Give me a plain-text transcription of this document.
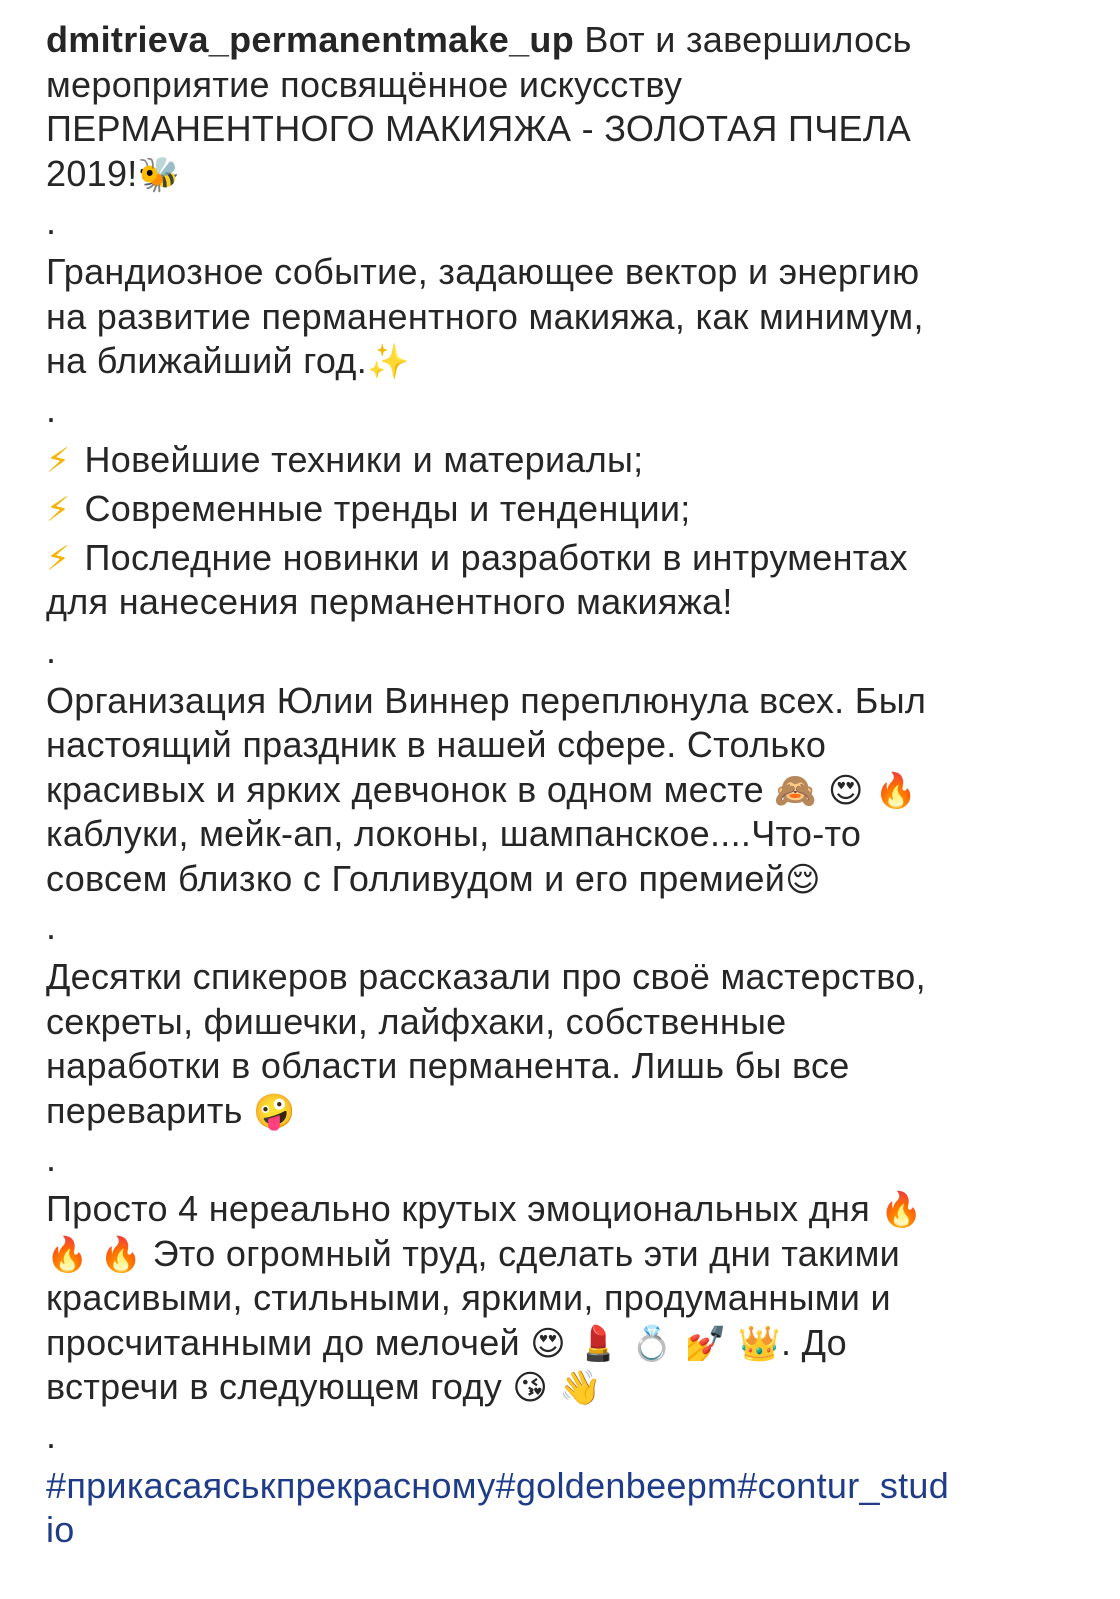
dmitrieva_permanentmake_up Вот и завершилось
мероприятие посвящённое искусству
ПЕРМАНЕНТНОГО МАКИЯЖА - ЗОЛОТАЯ ПЧЕЛА
2019!🐝
.
Грандиозное событие, задающее вектор и энергию
на развитие перманентного макияжа, как минимум,
на ближайший год.✨
.
⚡ Новейшие техники и материалы;
⚡ Современные тренды и тенденции;
⚡ Последние новинки и разработки в интрументах
для нанесения перманентного макияжа!
.
Организация Юлии Виннер переплюнула всех. Был
настоящий праздник в нашей сфере. Столько
красивых и ярких девчонок в одном месте 🙈 😍 🔥
каблуки, мейк-ап, локоны, шампанское....Что-то
совсем близко с Голливудом и его премией😌
.
Десятки спикеров рассказали про своё мастерство,
секреты, фишечки, лайфхаки, собственные
наработки в области перманента. Лишь бы все
переварить 🤪
.
Просто 4 нереально крутых эмоциональных дня 🔥
🔥 🔥 Это огромный труд, сделать эти дни такими
красивыми, стильными, яркими, продуманными и
просчитанными до мелочей 😍 💄 💍 💅 👑. До
встречи в следующем году 😘 👋
.
#прикасаяськпрекрасному#goldenbeepm#contur_stud
io
